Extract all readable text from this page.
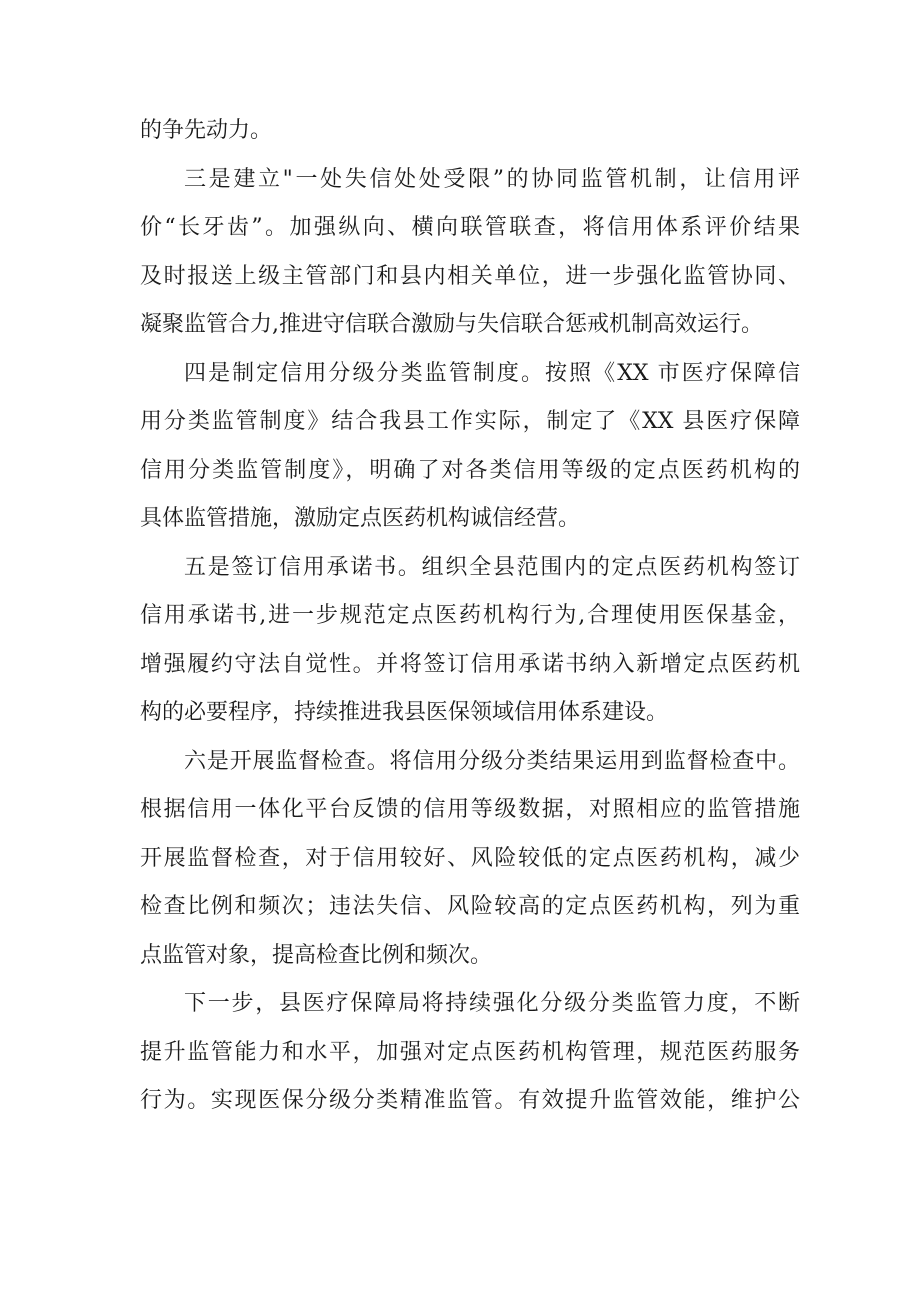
的争先动力。
三是建立"一处失信处处受限”的协同监管机制，让信用评
价“长牙齿”。加强纵向、横向联管联查，将信用体系评价结果
及时报送上级主管部门和县内相关单位，进一步强化监管协同、
凝聚监管合力,推进守信联合激励与失信联合惩戒机制高效运行。
四是制定信用分级分类监管制度。按照《XX 市医疗保障信
用分类监管制度》结合我县工作实际，制定了《XX 县医疗保障
信用分类监管制度》，明确了对各类信用等级的定点医药机构的
具体监管措施，激励定点医药机构诚信经营。
五是签订信用承诺书。组织全县范围内的定点医药机构签订
信用承诺书,进一步规范定点医药机构行为,合理使用医保基金，
增强履约守法自觉性。并将签订信用承诺书纳入新增定点医药机
构的必要程序，持续推进我县医保领域信用体系建设。
六是开展监督检查。将信用分级分类结果运用到监督检查中。
根据信用一体化平台反馈的信用等级数据，对照相应的监管措施
开展监督检查，对于信用较好、风险较低的定点医药机构，减少
检查比例和频次；违法失信、风险较高的定点医药机构，列为重
点监管对象，提高检查比例和频次。
下一步，县医疗保障局将持续强化分级分类监管力度，不断
提升监管能力和水平，加强对定点医药机构管理，规范医药服务
行为。实现医保分级分类精准监管。有效提升监管效能，维护公
